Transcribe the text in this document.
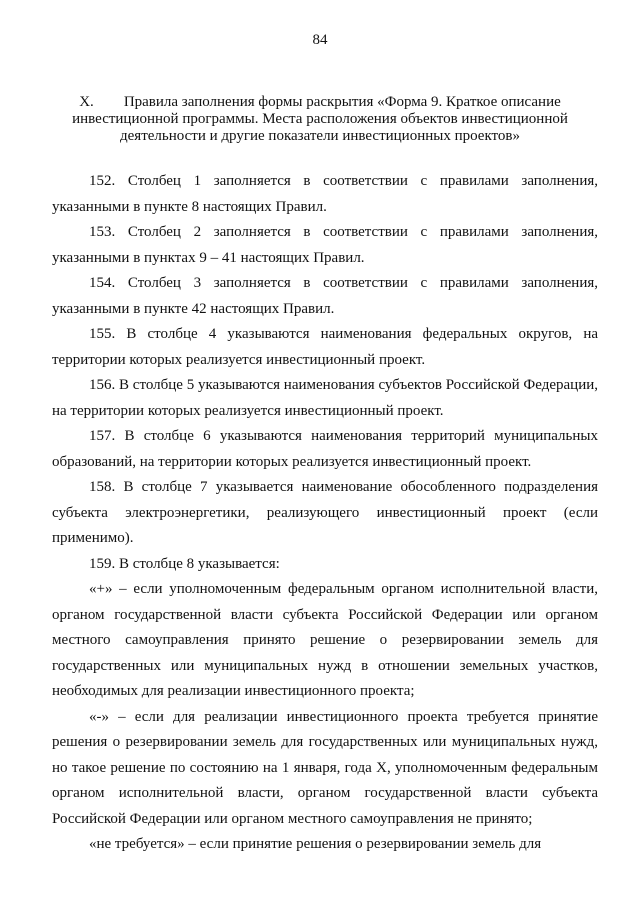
84
X. Правила заполнения формы раскрытия «Форма 9. Краткое описание инвестиционной программы. Места расположения объектов инвестиционной деятельности и другие показатели инвестиционных проектов»

152. Столбец 1 заполняется в соответствии с правилами заполнения, указанными в пункте 8 настоящих Правил.

153. Столбец 2 заполняется в соответствии с правилами заполнения, указанными в пунктах 9 – 41 настоящих Правил.

154. Столбец 3 заполняется в соответствии с правилами заполнения, указанными в пункте 42 настоящих Правил.

155. В столбце 4 указываются наименования федеральных округов, на территории которых реализуется инвестиционный проект.

156. В столбце 5 указываются наименования субъектов Российской Федерации, на территории которых реализуется инвестиционный проект.

157. В столбце 6 указываются наименования территорий муниципальных образований, на территории которых реализуется инвестиционный проект.

158. В столбце 7 указывается наименование обособленного подразделения субъекта электроэнергетики, реализующего инвестиционный проект (если применимо).

159. В столбце 8 указывается:

«+» – если уполномоченным федеральным органом исполнительной власти, органом государственной власти субъекта Российской Федерации или органом местного самоуправления принято решение о резервировании земель для государственных или муниципальных нужд в отношении земельных участков, необходимых для реализации инвестиционного проекта;

«-» – если для реализации инвестиционного проекта требуется принятие решения о резервировании земель для государственных или муниципальных нужд, но такое решение по состоянию на 1 января, года X, уполномоченным федеральным органом исполнительной власти, органом государственной власти субъекта Российской Федерации или органом местного самоуправления не принято;

«не требуется» – если принятие решения о резервировании земель для
